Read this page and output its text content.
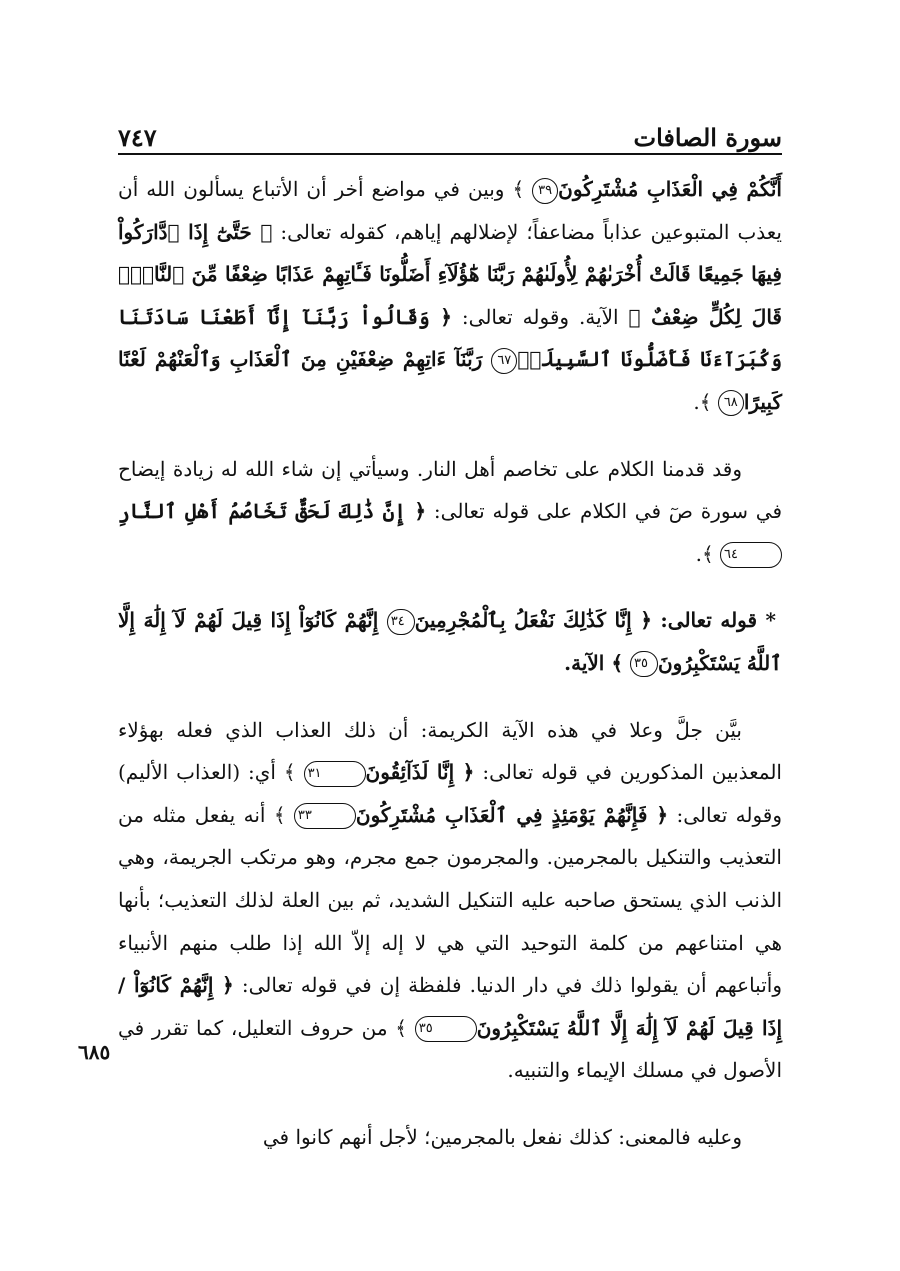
سورة الصافات
٧٤٧

أَنَّكُمْ فِي الْعَذَابِ مُشْتَرِكُونَ٣٩ ﴾ وبين في مواضع أخر أن الأتباع يسألون الله أن يعذب المتبوعين عذاباً مضاعفاً؛ لإضلالهم إياهم، كقوله تعالى: ﴿ حَتَّىٰٓ إِذَا ٱدَّارَكُواْ فِيهَا جَمِيعًا قَالَتْ أُخْرَىٰهُمْ لِأُولَىٰهُمْ رَبَّنَا هَٰٓؤُلَآءِ أَضَلُّونَا فَـَٔاتِهِمْ عَذَابًا ضِعْفًا مِّنَ ٱلنَّارِۖ قَالَ لِكُلٍّ ضِعْفٌ ﴾ الآية. وقوله تعالى: ﴿ وَقَالُواْ رَبَّنَآ إِنَّآ أَطَعْنَا سَادَتَنَا وَكُبَرَآءَنَا فَأَضَلُّونَا ٱلسَّبِيلَا۠٦٧ رَبَّنَآ ءَاتِهِمْ ضِعْفَيْنِ مِنَ ٱلْعَذَابِ وَٱلْعَنْهُمْ لَعْنًا كَبِيرًا٦٨ ﴾.

وقد قدمنا الكلام على تخاصم أهل النار. وسيأتي إن شاء الله له زيادة إيضاح في سورة صٓ في الكلام على قوله تعالى: ﴿ إِنَّ ذَٰلِكَ لَحَقٌّ تَخَاصُمُ أَهْلِ ٱلنَّارِ٦٤ ﴾.

* قوله تعالى: ﴿ إِنَّا كَذَٰلِكَ نَفْعَلُ بِٱلْمُجْرِمِينَ٣٤ إِنَّهُمْ كَانُوٓاْ إِذَا قِيلَ لَهُمْ لَآ إِلَٰهَ إِلَّا ٱللَّهُ يَسْتَكْبِرُونَ٣٥ ﴾ الآية.

بيَّن جلَّ وعلا في هذه الآية الكريمة: أن ذلك العذاب الذي فعله بهؤلاء المعذبين المذكورين في قوله تعالى: ﴿ إِنَّا لَذَآئِقُونَ٣١ ﴾ أي: (العذاب الأليم) وقوله تعالى: ﴿ فَإِنَّهُمْ يَوْمَئِذٍ فِي ٱلْعَذَابِ مُشْتَرِكُونَ٣٣ ﴾ أنه يفعل مثله من التعذيب والتنكيل بالمجرمين. والمجرمون جمع مجرم، وهو مرتكب الجريمة، وهي الذنب الذي يستحق صاحبه عليه التنكيل الشديد، ثم بين العلة لذلك التعذيب؛ بأنها هي امتناعهم من كلمة التوحيد التي هي لا إله إلاّ الله إذا طلب منهم الأنبياء وأتباعهم أن يقولوا ذلك في دار الدنيا. فلفظة إن في قوله تعالى: ﴿ إِنَّهُمْ كَانُوٓاْ / إِذَا قِيلَ لَهُمْ لَآ إِلَٰهَ إِلَّا ٱللَّهُ يَسْتَكْبِرُونَ٣٥ ﴾ من حروف التعليل، كما تقرر في الأصول في مسلك الإيماء والتنبيه.

وعليه فالمعنى: كذلك نفعل بالمجرمين؛ لأجل أنهم كانوا في

٦٨٥
